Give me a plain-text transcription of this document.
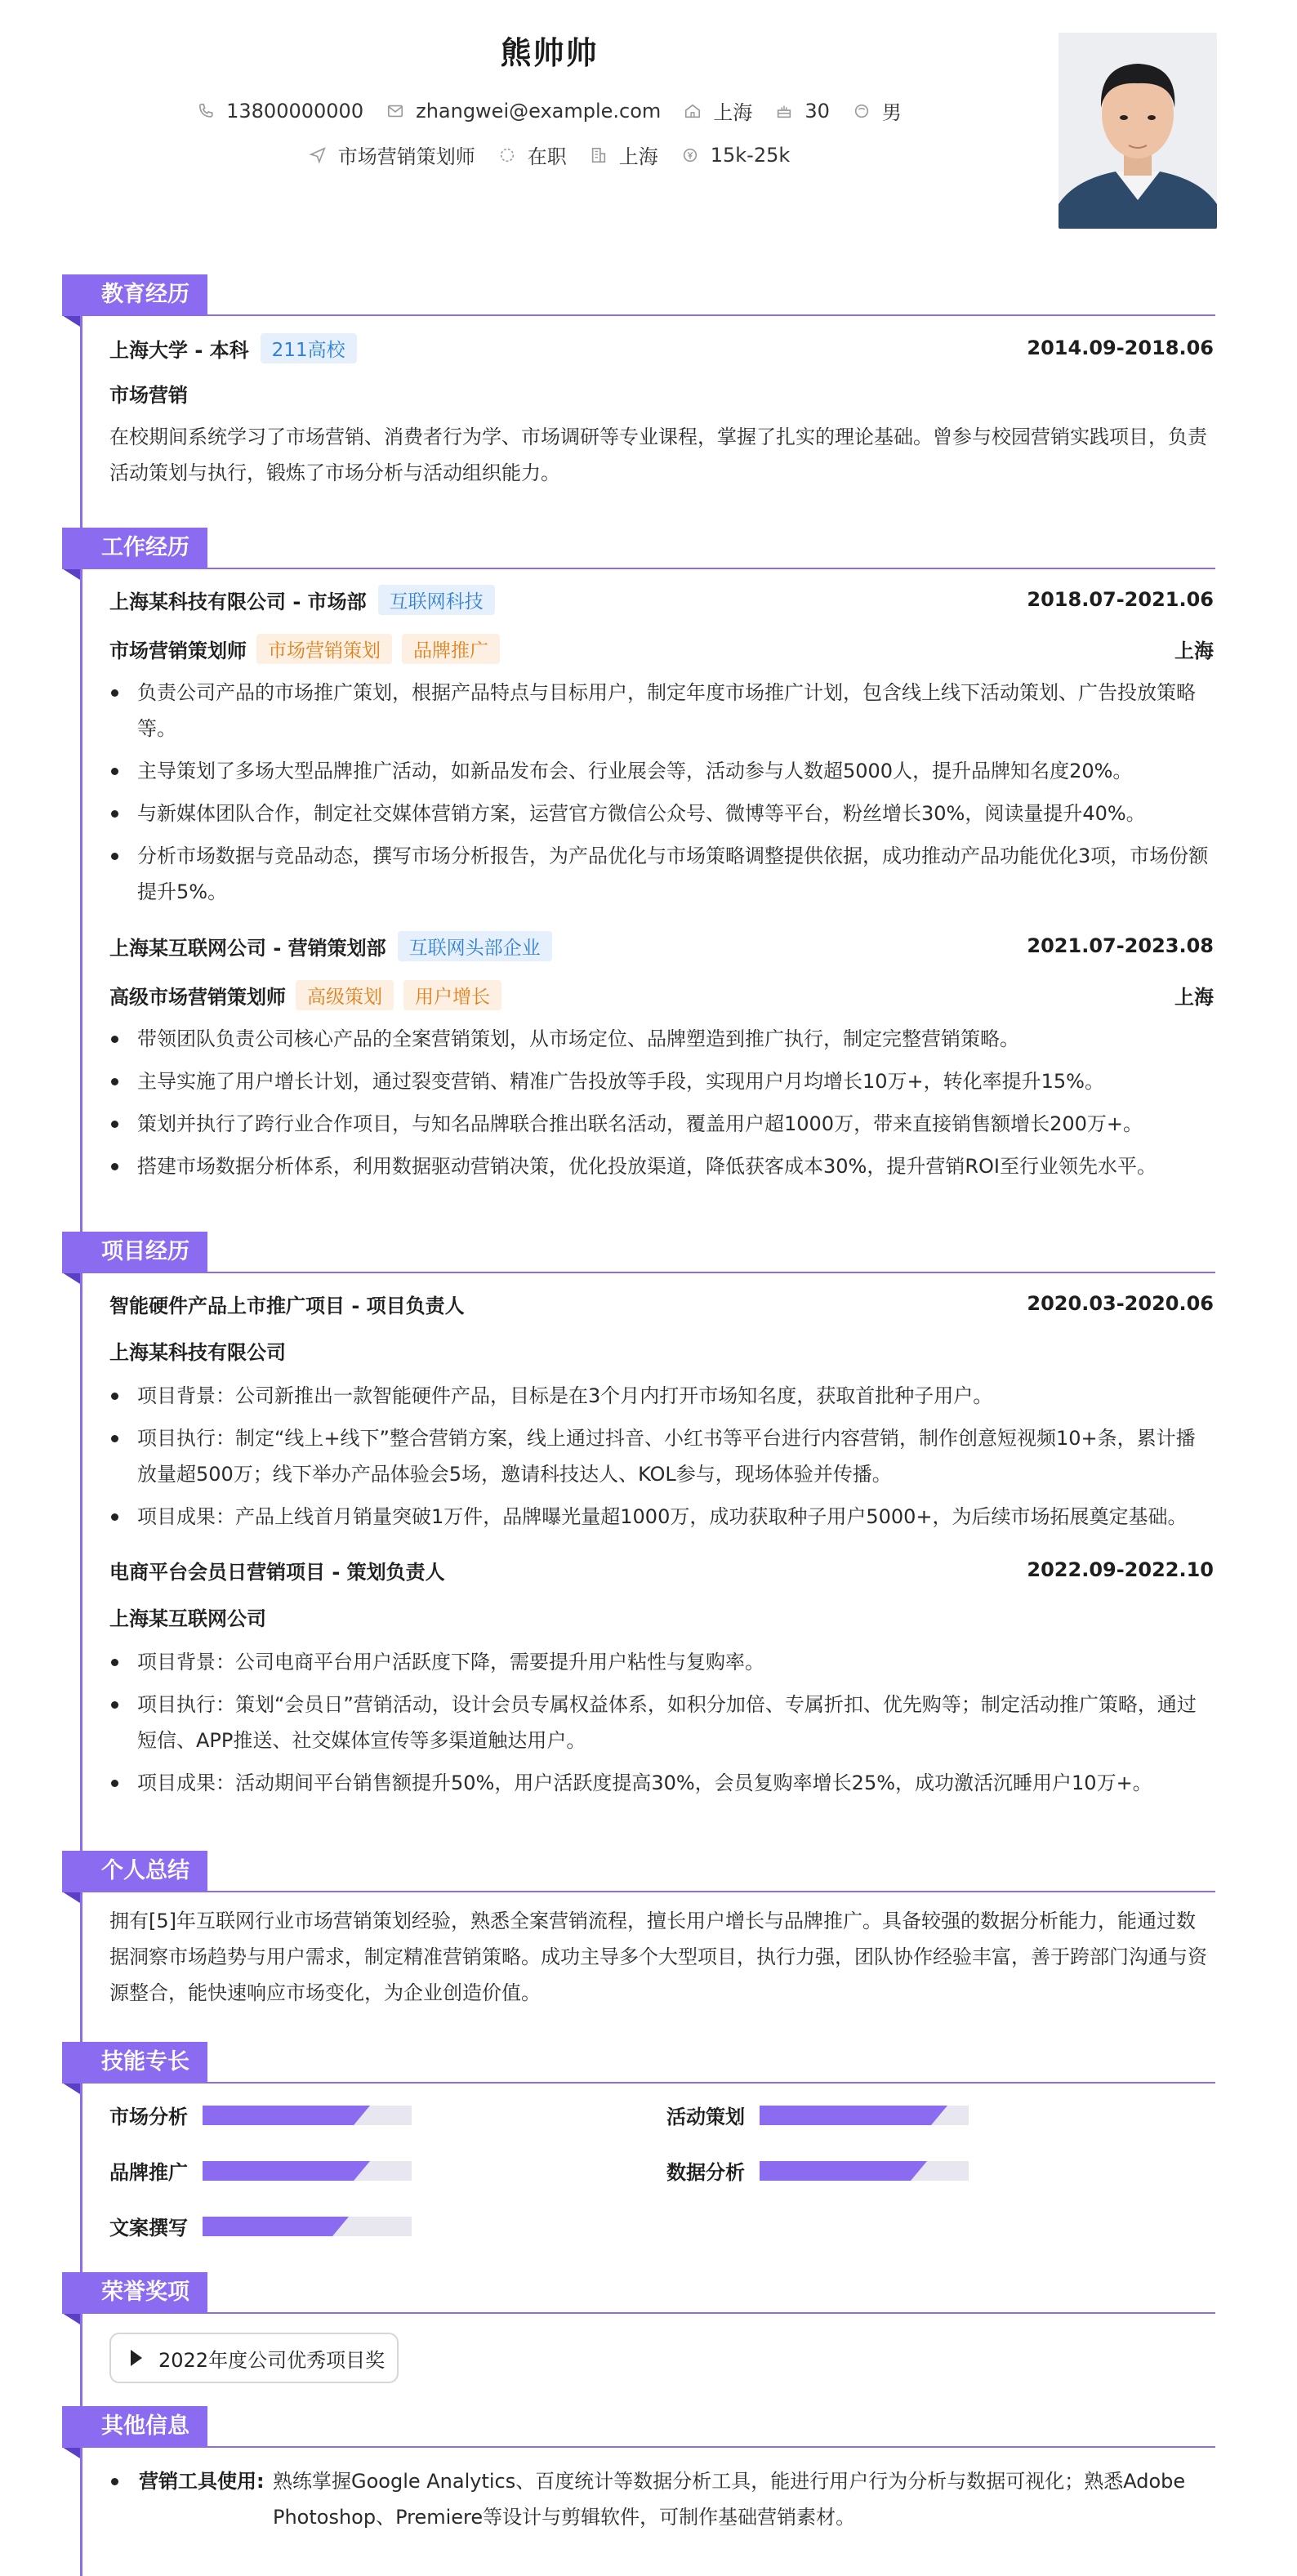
熊帅帅
13800000000	zhangwei@example.com	上海	30	男
市场营销策划师	在职	上海	15k-25k
教育经历
上海大学 - 本科	211高校	2014.09-2018.06
市场营销
在校期间系统学习了市场营销、消费者行为学、市场调研等专业课程，掌握了扎实的理论基础。曾参与校园营销实践项目，负责活动策划与执行，锻炼了市场分析与活动组织能力。
工作经历
上海某科技有限公司 - 市场部	互联网科技	2018.07-2021.06
市场营销策划师	市场营销策划	品牌推广	上海
负责公司产品的市场推广策划，根据产品特点与目标用户，制定年度市场推广计划，包含线上线下活动策划、广告投放策略等。
主导策划了多场大型品牌推广活动，如新品发布会、行业展会等，活动参与人数超5000人，提升品牌知名度20%。
与新媒体团队合作，制定社交媒体营销方案，运营官方微信公众号、微博等平台，粉丝增长30%，阅读量提升40%。
分析市场数据与竞品动态，撰写市场分析报告，为产品优化与市场策略调整提供依据，成功推动产品功能优化3项，市场份额提升5%。
上海某互联网公司 - 营销策划部	互联网头部企业	2021.07-2023.08
高级市场营销策划师	高级策划	用户增长	上海
带领团队负责公司核心产品的全案营销策划，从市场定位、品牌塑造到推广执行，制定完整营销策略。
主导实施了用户增长计划，通过裂变营销、精准广告投放等手段，实现用户月均增长10万+，转化率提升15%。
策划并执行了跨行业合作项目，与知名品牌联合推出联名活动，覆盖用户超1000万，带来直接销售额增长200万+。
搭建市场数据分析体系，利用数据驱动营销决策，优化投放渠道，降低获客成本30%，提升营销ROI至行业领先水平。
项目经历
智能硬件产品上市推广项目 - 项目负责人	2020.03-2020.06
上海某科技有限公司
项目背景：公司新推出一款智能硬件产品，目标是在3个月内打开市场知名度，获取首批种子用户。
项目执行：制定“线上+线下”整合营销方案，线上通过抖音、小红书等平台进行内容营销，制作创意短视频10+条，累计播放量超500万；线下举办产品体验会5场，邀请科技达人、KOL参与，现场体验并传播。
项目成果：产品上线首月销量突破1万件，品牌曝光量超1000万，成功获取种子用户5000+，为后续市场拓展奠定基础。
电商平台会员日营销项目 - 策划负责人	2022.09-2022.10
上海某互联网公司
项目背景：公司电商平台用户活跃度下降，需要提升用户粘性与复购率。
项目执行：策划“会员日”营销活动，设计会员专属权益体系，如积分加倍、专属折扣、优先购等；制定活动推广策略，通过短信、APP推送、社交媒体宣传等多渠道触达用户。
项目成果：活动期间平台销售额提升50%，用户活跃度提高30%，会员复购率增长25%，成功激活沉睡用户10万+。
个人总结
拥有[5]年互联网行业市场营销策划经验，熟悉全案营销流程，擅长用户增长与品牌推广。具备较强的数据分析能力，能通过数据洞察市场趋势与用户需求，制定精准营销策略。成功主导多个大型项目，执行力强，团队协作经验丰富，善于跨部门沟通与资源整合，能快速响应市场变化，为企业创造价值。
技能专长
市场分析	活动策划
品牌推广	数据分析
文案撰写
荣誉奖项
2022年度公司优秀项目奖
其他信息
营销工具使用: 熟练掌握Google Analytics、百度统计等数据分析工具，能进行用户行为分析与数据可视化；熟悉Adobe Photoshop、Premiere等设计与剪辑软件，可制作基础营销素材。
